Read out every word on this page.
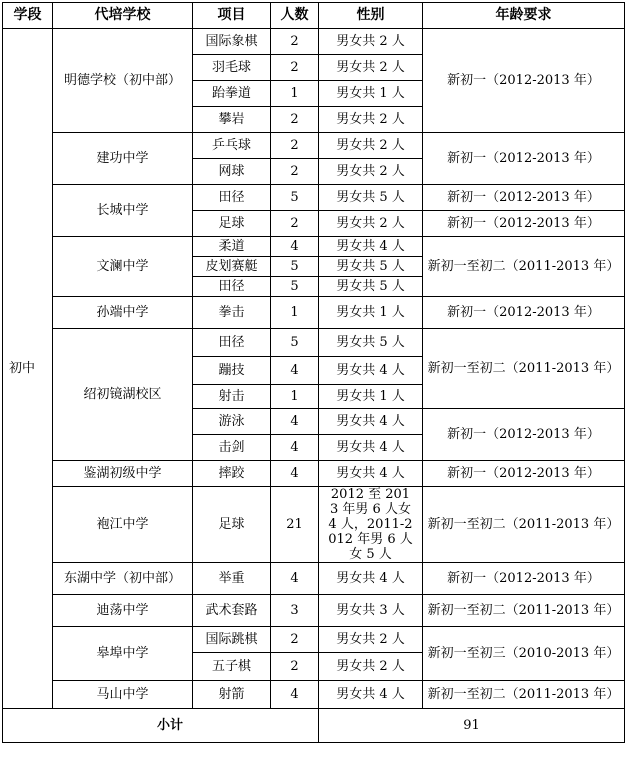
学段	代培学校	项目	人数	性别	年龄要求
初中	明德学校（初中部）	国际象棋	2	男女共 2 人	新初一（2012-2013 年）
		羽毛球	2	男女共 2 人	
		跆拳道	1	男女共 1 人	
		攀岩	2	男女共 2 人	
	建功中学	乒乓球	2	男女共 2 人	新初一（2012-2013 年）
		网球	2	男女共 2 人	
	长城中学	田径	5	男女共 5 人	新初一（2012-2013 年）
		足球	2	男女共 2 人	新初一（2012-2013 年）
	文澜中学	柔道	4	男女共 4 人	新初一至初二（2011-2013 年）
		皮划赛艇	5	男女共 5 人	
		田径	5	男女共 5 人	
	孙端中学	拳击	1	男女共 1 人	新初一（2012-2013 年）
	绍初镜湖校区	田径	5	男女共 5 人	新初一至初二（2011-2013 年）
		蹦技	4	男女共 4 人	
		射击	1	男女共 1 人	
		游泳	4	男女共 4 人	新初一（2012-2013 年）
		击剑	4	男女共 4 人	
	鉴湖初级中学	摔跤	4	男女共 4 人	新初一（2012-2013 年）
	袍江中学	足球	21	2012 至 2013 年男 6 人女 4 人，2011-2012 年男 6 人女 5 人	新初一至初二（2011-2013 年）
	东湖中学（初中部）	举重	4	男女共 4 人	新初一（2012-2013 年）
	迪荡中学	武术套路	3	男女共 3 人	新初一至初二（2011-2013 年）
	皋埠中学	国际跳棋	2	男女共 2 人	新初一至初三（2010-2013 年）
		五子棋	2	男女共 2 人	
	马山中学	射箭	4	男女共 4 人	新初一至初二（2011-2013 年）
小计				91	
